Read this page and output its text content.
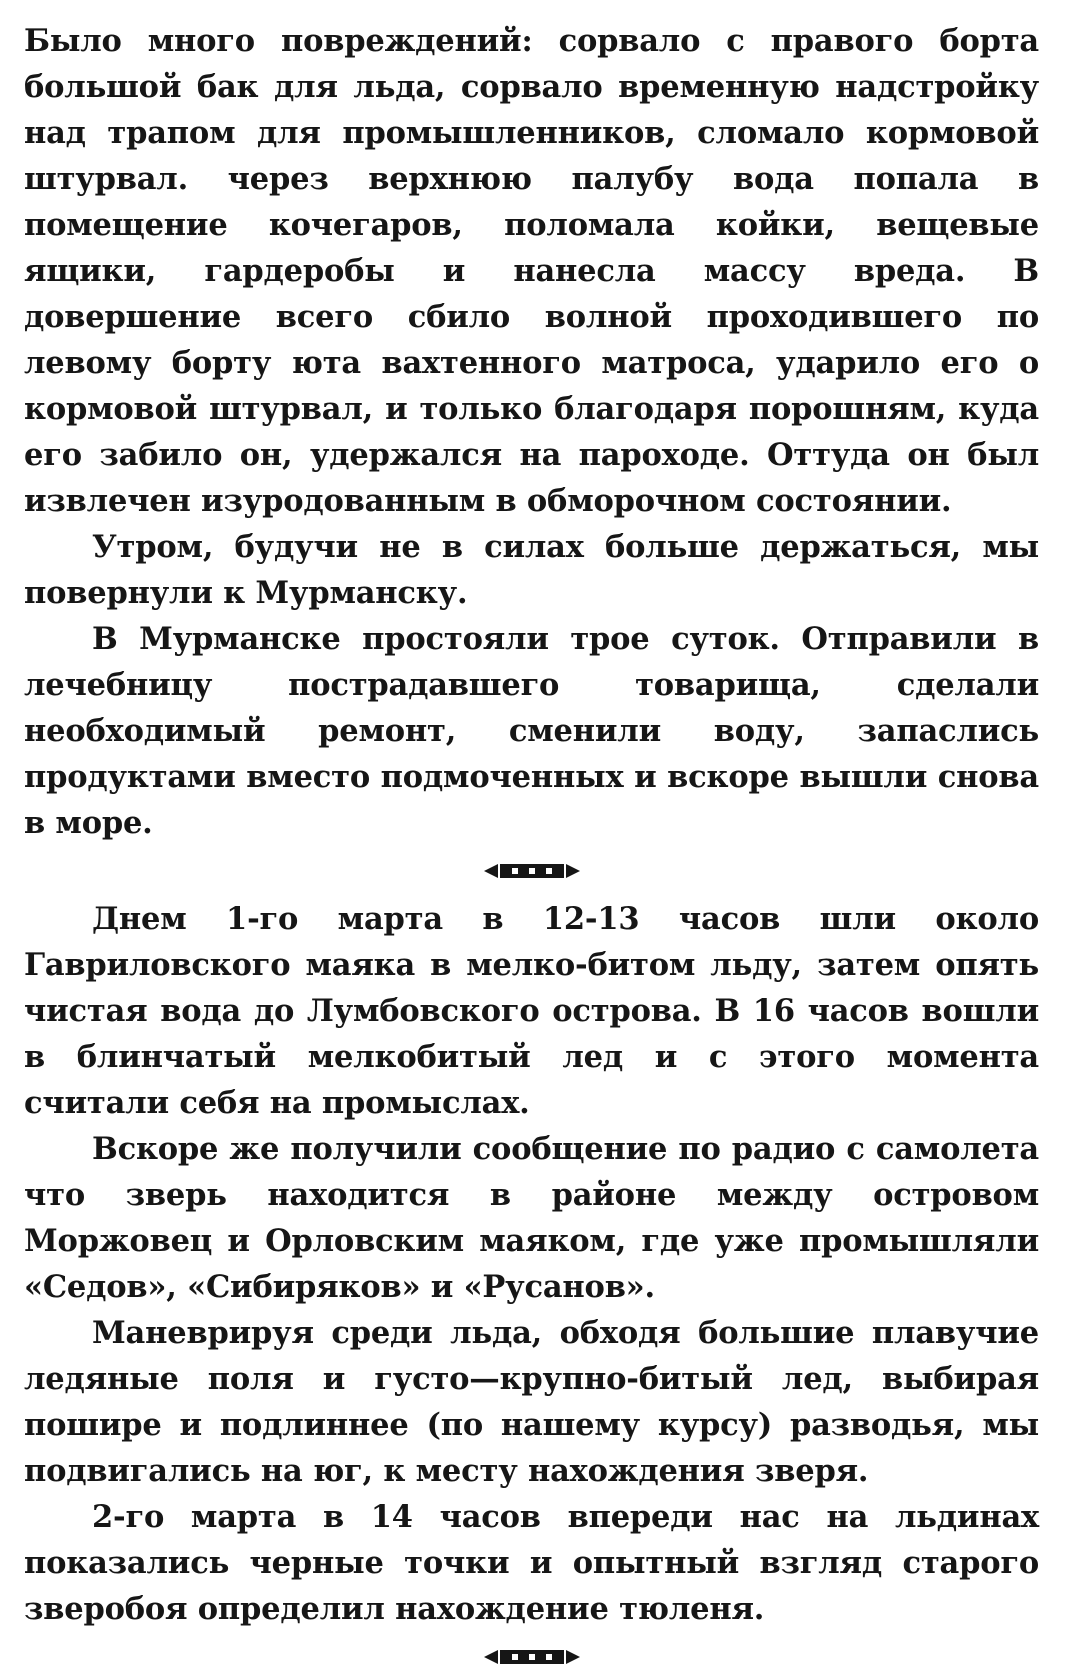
Было много повреждений: сорвало с правого борта большой бак для льда, сорвало временную надстройку над трапом для промышленников, сломало кормовой штурвал. через верхнюю палубу вода попала в помещение кочегаров, поломала койки, вещевые ящики, гардеробы и нанесла массу вреда. В довершение всего сбило волной проходившего по левому борту юта вахтенного матроса, ударило его о кормовой штурвал, и только благодаря порошням, куда его забило он, удержался на пароходе. Оттуда он был извлечен изуродованным в обморочном состоянии.

Утром, будучи не в силах больше держаться, мы повернули к Мурманску.

В Мурманске простояли трое суток. Отправили в лечебницу пострадавшего товарища, сделали необходимый ремонт, сменили воду, запаслись продуктами вместо подмоченных и вскоре вышли снова в море.

Днем 1-го марта в 12-13 часов шли около Гавриловского маяка в мелко-битом льду, затем опять чистая вода до Лумбовского острова. В 16 часов вошли в блинчатый мелкобитый лед и с этого момента считали себя на промыслах.

Вскоре же получили сообщение по радио с самолета что зверь находится в районе между островом Моржовец и Орловским маяком, где уже промышляли «Седов», «Сибиряков» и «Русанов».

Маневрируя среди льда, обходя большие плавучие ледяные поля и густо—крупно-битый лед, выбирая пошире и подлиннее (по нашему курсу) разводья, мы подвигались на юг, к месту нахождения зверя.

2-го марта в 14 часов впереди нас на льдинах показались черные точки и опытный взгляд старого зверобоя определил нахождение тюленя.
